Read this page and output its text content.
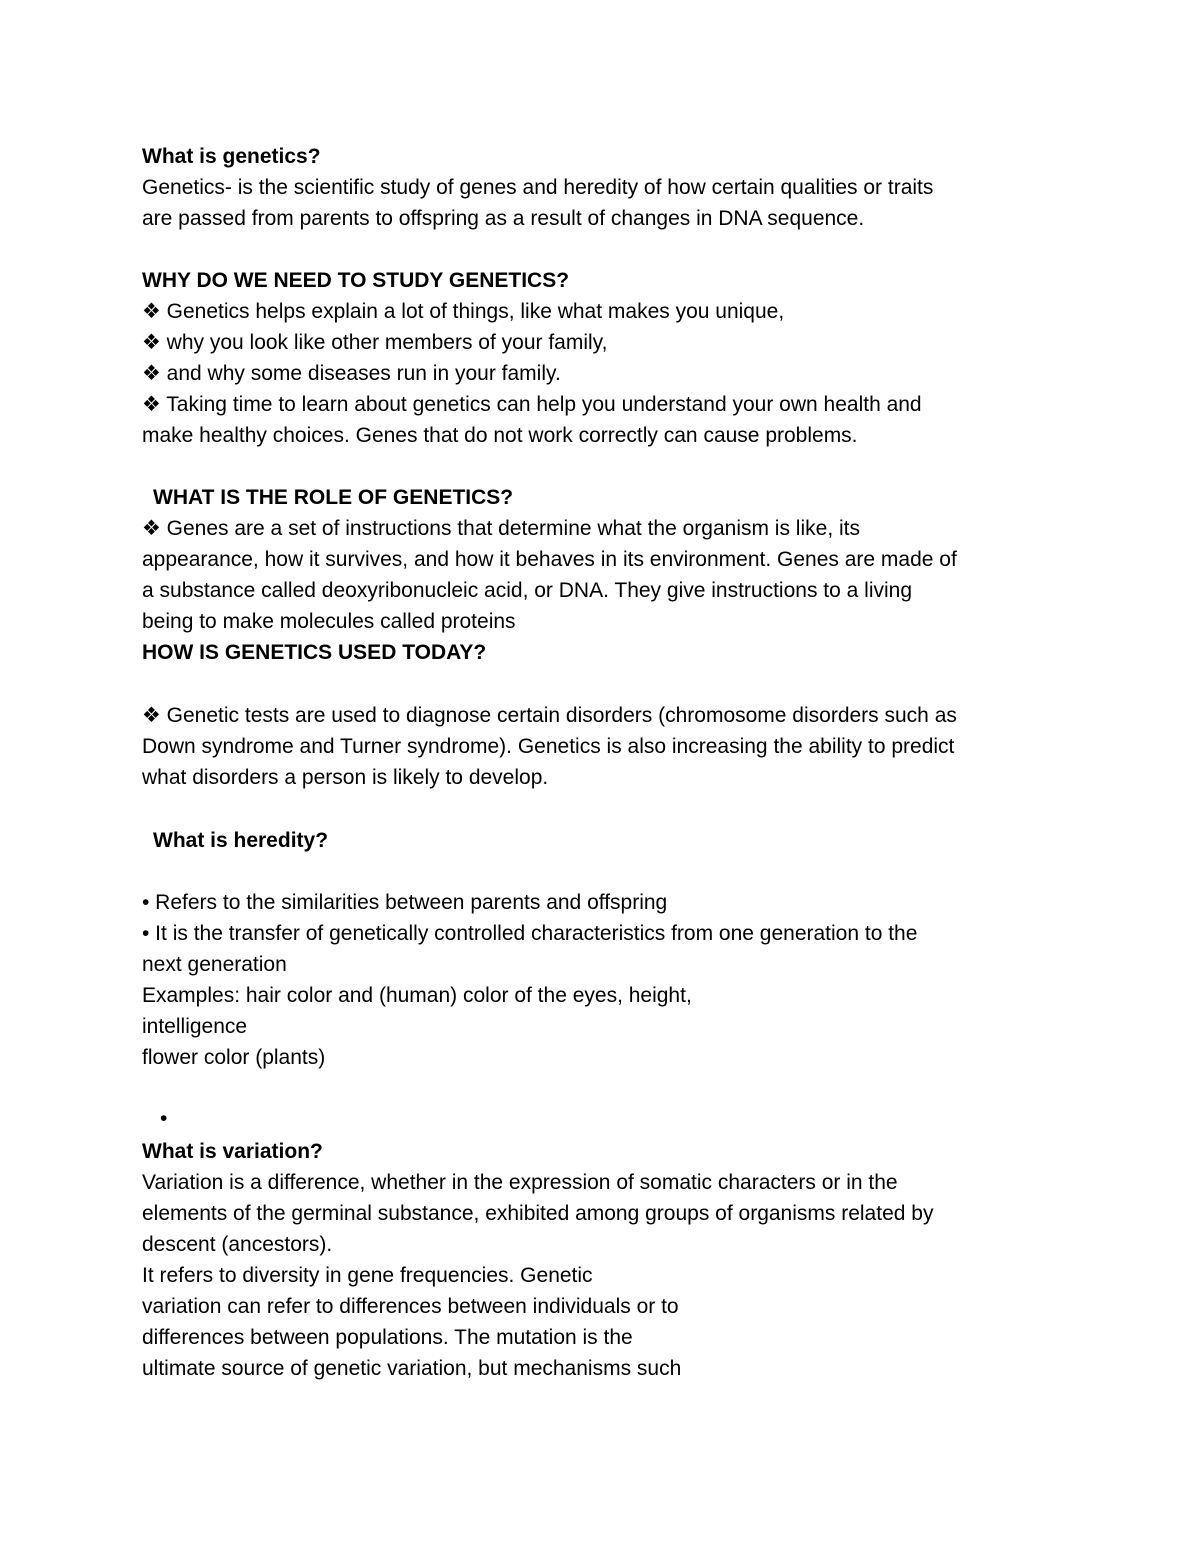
What is genetics?
Genetics- is the scientific study of genes and heredity of how certain qualities or traits
are passed from parents to offspring as a result of changes in DNA sequence.
WHY DO WE NEED TO STUDY GENETICS?
❖ Genetics helps explain a lot of things, like what makes you unique,
❖ why you look like other members of your family,
❖ and why some diseases run in your family.
❖ Taking time to learn about genetics can help you understand your own health and
make healthy choices. Genes that do not work correctly can cause problems.
WHAT IS THE ROLE OF GENETICS?
❖ Genes are a set of instructions that determine what the organism is like, its
appearance, how it survives, and how it behaves in its environment. Genes are made of
a substance called deoxyribonucleic acid, or DNA. They give instructions to a living
being to make molecules called proteins
HOW IS GENETICS USED TODAY?
❖ Genetic tests are used to diagnose certain disorders (chromosome disorders such as
Down syndrome and Turner syndrome). Genetics is also increasing the ability to predict
what disorders a person is likely to develop.
What is heredity?
• Refers to the similarities between parents and offspring
• It is the transfer of genetically controlled characteristics from one generation to the
next generation
Examples: hair color and (human) color of the eyes, height,
intelligence
flower color (plants)
•
What is variation?
Variation is a difference, whether in the expression of somatic characters or in the
elements of the germinal substance, exhibited among groups of organisms related by
descent (ancestors).
It refers to diversity in gene frequencies. Genetic
variation can refer to differences between individuals or to
differences between populations. The mutation is the
ultimate source of genetic variation, but mechanisms such
